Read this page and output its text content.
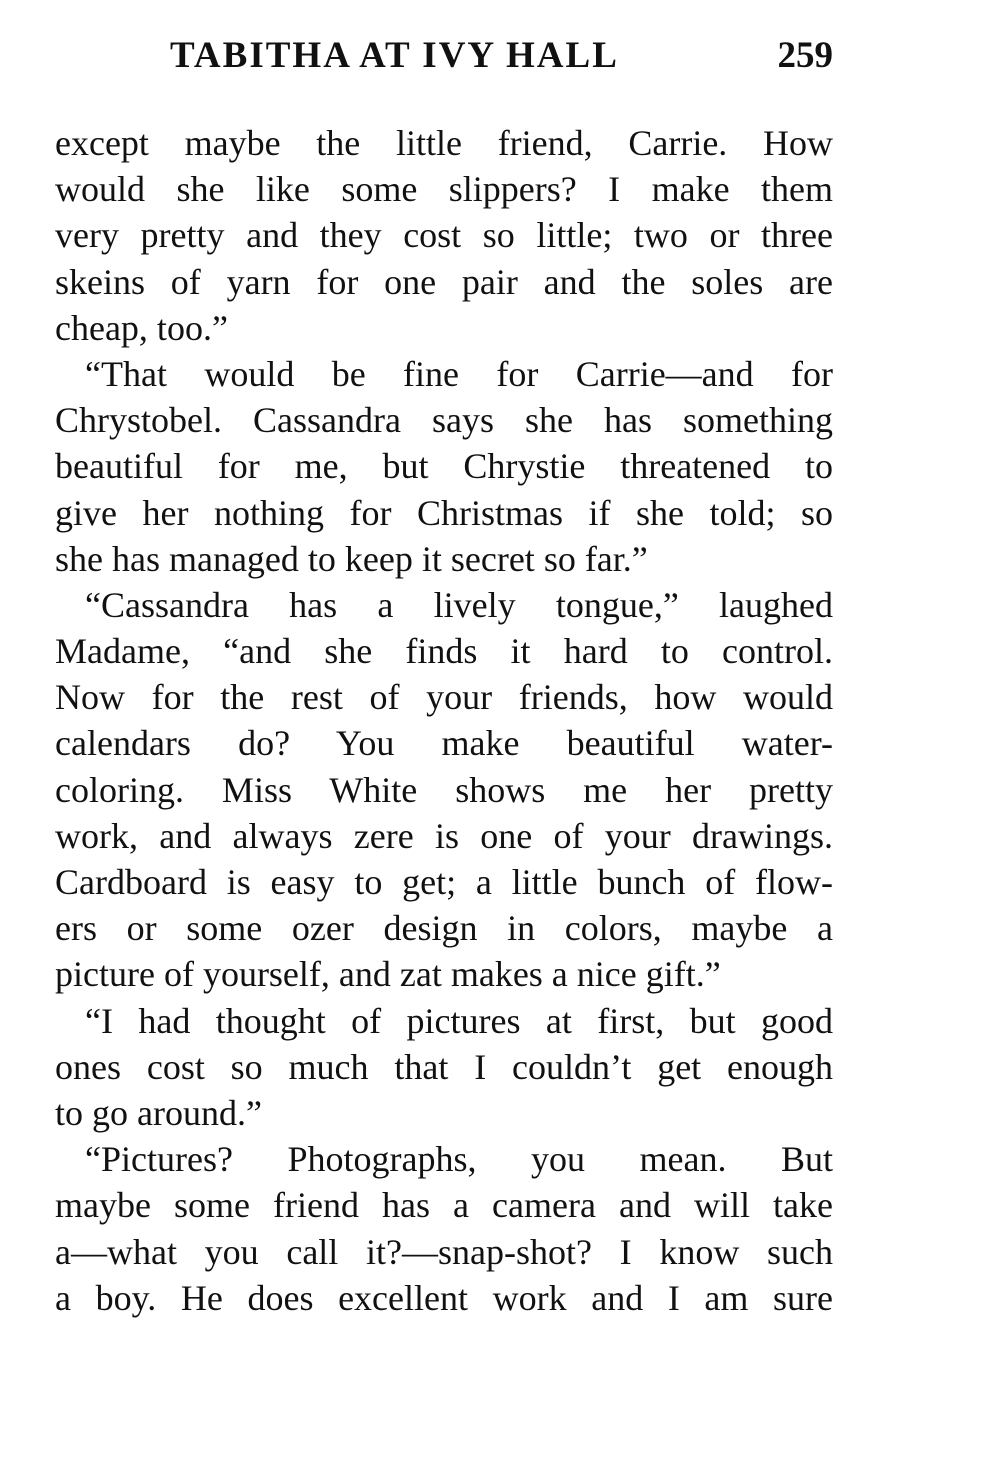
TABITHA AT IVY HALL	259
except maybe the little friend, Carrie. How
would she like some slippers? I make them
very pretty and they cost so little; two or three
skeins of yarn for one pair and the soles are
cheap, too.”
“That would be fine for Carrie—and for
Chrystobel. Cassandra says she has something
beautiful for me, but Chrystie threatened to
give her nothing for Christmas if she told; so
she has managed to keep it secret so far.”
“Cassandra has a lively tongue,” laughed
Madame, “and she finds it hard to control.
Now for the rest of your friends, how would
calendars do? You make beautiful water-
coloring. Miss White shows me her pretty
work, and always zere is one of your drawings.
Cardboard is easy to get; a little bunch of flow-
ers or some ozer design in colors, maybe a
picture of yourself, and zat makes a nice gift.”
“I had thought of pictures at first, but good
ones cost so much that I couldn’t get enough
to go around.”
“Pictures? Photographs, you mean. But
maybe some friend has a camera and will take
a—what you call it?—snap-shot? I know such
a boy. He does excellent work and I am sure
